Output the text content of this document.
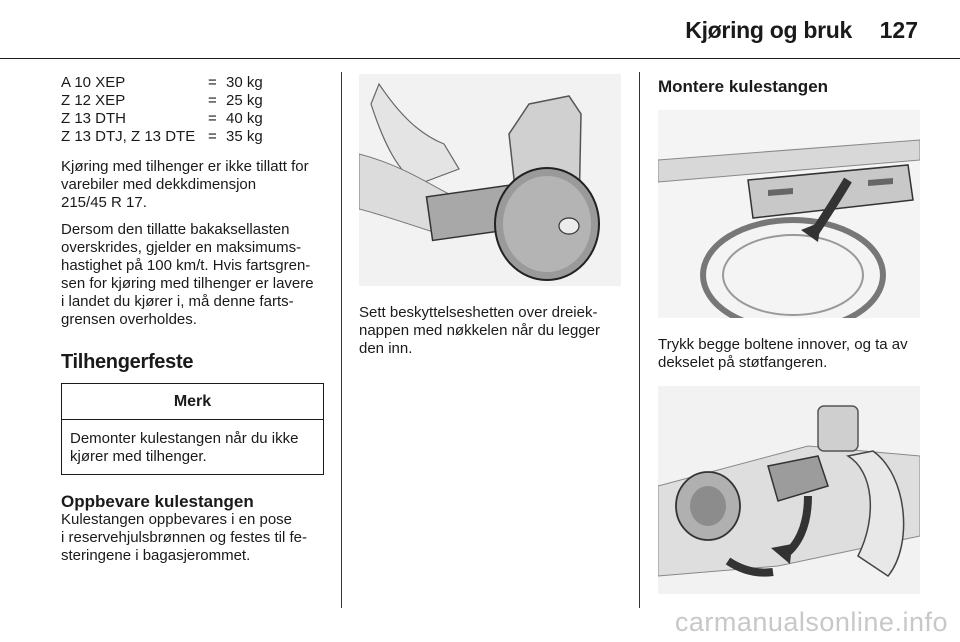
Kjøring og bruk 127
A 10 XEP	= 30 kg
Z 12 XEP	= 25 kg
Z 13 DTH	= 40 kg
Z 13 DTJ, Z 13 DTE = 35 kg

Kjøring med tilhenger er ikke tillatt for
varebiler med dekkdimensjon
215/45 R 17.

Dersom den tillatte bakaksellasten
overskrides, gjelder en maksimums-
hastighet på 100 km/t. Hvis fartsgren-
sen for kjøring med tilhenger er lavere
i landet du kjører i, må denne farts-
grensen overholdes.

Tilhengerfeste
Merk
Demonter kulestangen når du ikke
kjører med tilhenger.
Oppbevare kulestangen

Kulestangen oppbevares i en pose
i reservehjulsbrønnen og festes til fe-
steringene i bagasjerommet.

Sett beskyttelseshetten over dreiek-
nappen med nøkkelen når du legger
den inn.

Montere kulestangen

Trykk begge boltene innover, og ta av
dekselet på støtfangeren.

carmanualsonline.info
